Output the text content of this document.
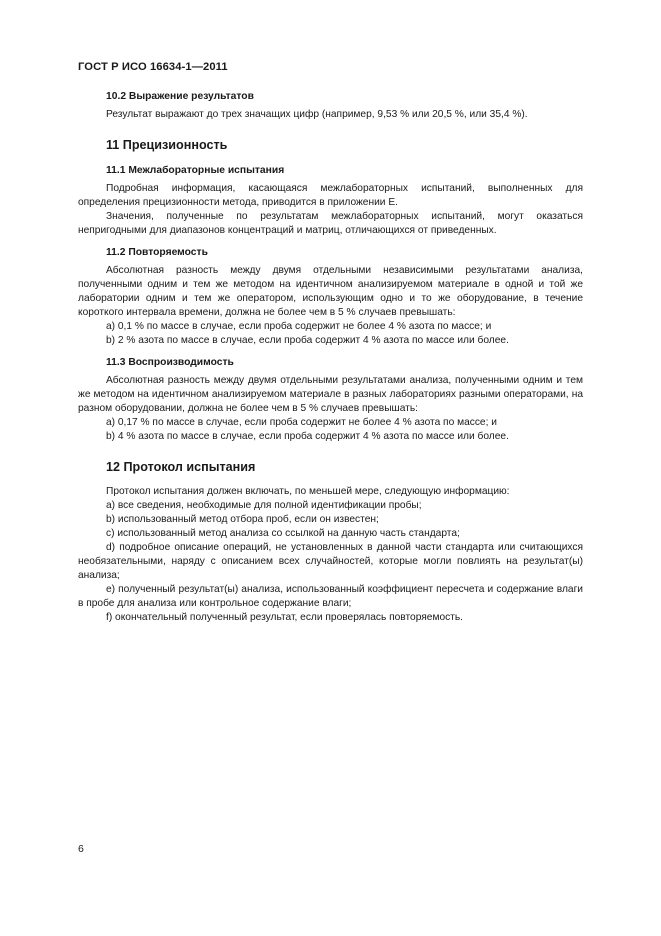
ГОСТ Р ИСО 16634-1—2011
10.2 Выражение результатов
Результат выражают до трех значащих цифр (например, 9,53 % или 20,5 %, или 35,4 %).
11 Прецизионность
11.1 Межлабораторные испытания
Подробная информация, касающаяся межлабораторных испытаний, выполненных для определения прецизионности метода, приводится в приложении Е.
Значения, полученные по результатам межлабораторных испытаний, могут оказаться непригодными для диапазонов концентраций и матриц, отличающихся от приведенных.
11.2 Повторяемость
Абсолютная разность между двумя отдельными независимыми результатами анализа, полученными одним и тем же методом на идентичном анализируемом материале в одной и той же лаборатории одним и тем же оператором, использующим одно и то же оборудование, в течение короткого интервала времени, должна не более чем в 5 % случаев превышать:
а) 0,1 % по массе в случае, если проба содержит не более 4 % азота по массе; и
b) 2 % азота по массе в случае, если проба содержит 4 % азота по массе или более.
11.3 Воспроизводимость
Абсолютная разность между двумя отдельными результатами анализа, полученными одним и тем же методом на идентичном анализируемом материале в разных лабораториях разными операторами, на разном оборудовании, должна не более чем в 5 % случаев превышать:
а) 0,17 % по массе в случае, если проба содержит не более 4 % азота по массе; и
b) 4 % азота по массе в случае, если проба содержит 4 % азота по массе или более.
12 Протокол испытания
Протокол испытания должен включать, по меньшей мере, следующую информацию:
a) все сведения, необходимые для полной идентификации пробы;
b) использованный метод отбора проб, если он известен;
c) использованный метод анализа со ссылкой на данную часть стандарта;
d) подробное описание операций, не установленных в данной части стандарта или считающихся необязательными, наряду с описанием всех случайностей, которые могли повлиять на результат(ы) анализа;
e) полученный результат(ы) анализа, использованный коэффициент пересчета и содержание влаги в пробе для анализа или контрольное содержание влаги;
f) окончательный полученный результат, если проверялась повторяемость.
6
